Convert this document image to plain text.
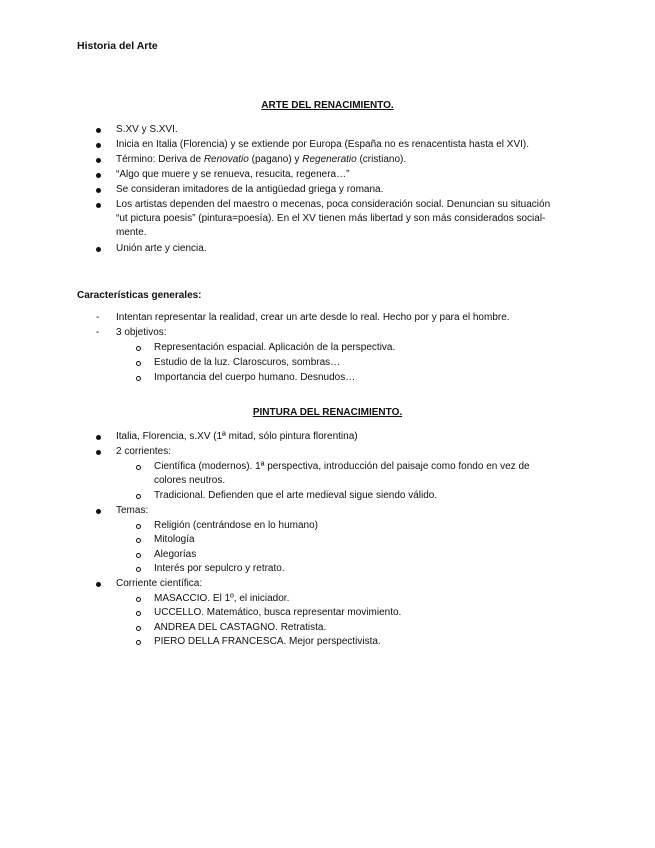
Historia del Arte
ARTE DEL RENACIMIENTO.
S.XV y S.XVI.
Inicia en Italia (Florencia) y se extiende por Europa (España no es renacentista hasta el XVI).
Término: Deriva de Renovatio (pagano) y Regeneratio (cristiano).
“Algo que muere y se renueva, resucita, regenera…”
Se consideran imitadores de la antigüedad griega y romana.
Los artistas dependen del maestro o mecenas, poca consideración social. Denuncian su situación
“ut pictura poesis” (pintura=poesía). En el XV tienen más libertad y son más considerados social-
mente.
Unión arte y ciencia.
Características generales:
- Intentan representar la realidad, crear un arte desde lo real. Hecho por y para el hombre.
- 3 objetivos:
Representación espacial. Aplicación de la perspectiva.
Estudio de la luz. Claroscuros, sombras…
Importancia del cuerpo humano. Desnudos…
PINTURA DEL RENACIMIENTO.
Italia, Florencia, s.XV (1ª mitad, sólo pintura florentina)
2 corrientes:
Científica (modernos). 1ª perspectiva, introducción del paisaje como fondo en vez de
colores neutros.
Tradicional. Defienden que el arte medieval sigue siendo válido.
Temas:
Religión (centrándose en lo humano)
Mitología
Alegorías
Interés por sepulcro y retrato.
Corriente científica:
MASACCIO. El 1º, el iniciador.
UCCELLO. Matemático, busca representar movimiento.
ANDREA DEL CASTAGNO. Retratista.
PIERO DELLA FRANCESCA. Mejor perspectivista.
